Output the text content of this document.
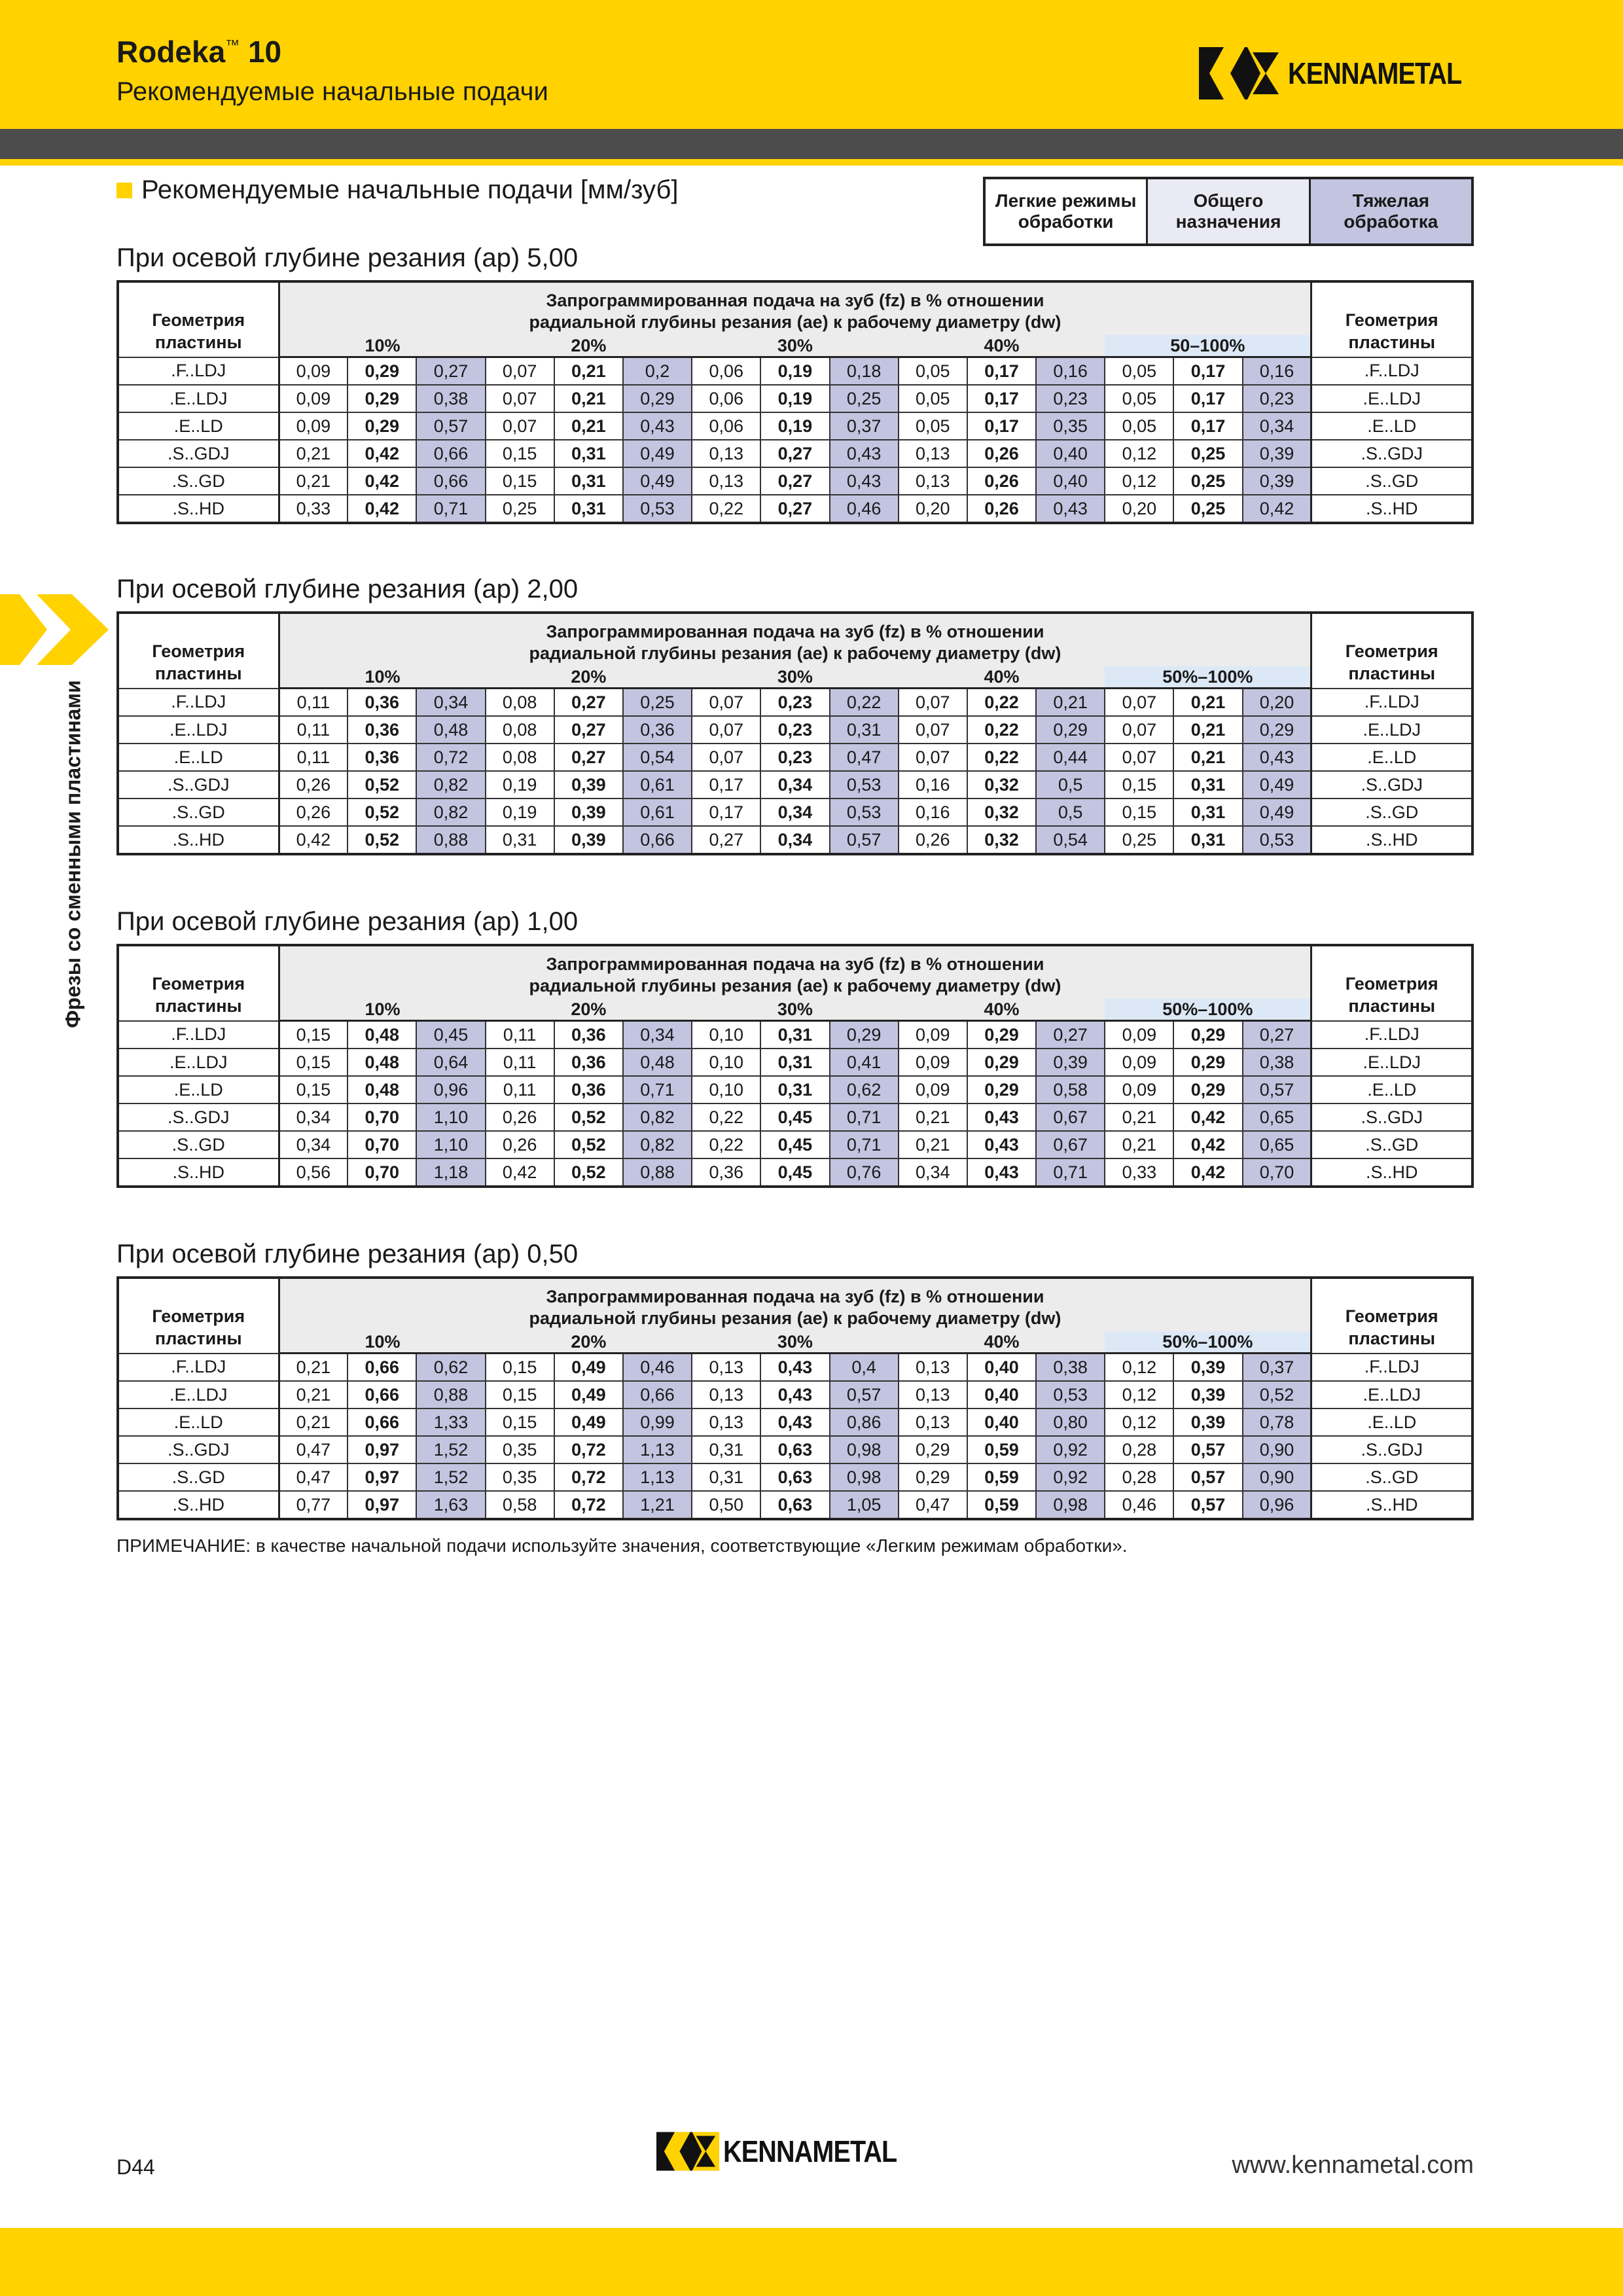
Rodeka™ 10
Рекомендуемые начальные подачи
KENNAMETAL
Фрезы со сменными пластинами
Рекомендуемые начальные подачи [мм/зуб]	Легкие режимы обработки
Общего назначения
Тяжелая обработка
При осевой глубине резания (ap) 5,00
Геометрия пластины	Запрограммированная подача на зуб (fz) в % отношении
радиальной глубины резания (ae) к рабочему диаметру (dw)															Геометрия пластины
	10%			20%			30%			40%			50–100%			
.F..LDJ	0,09	0,29	0,27	0,07	0,21	0,2	0,06	0,19	0,18	0,05	0,17	0,16	0,05	0,17	0,16	.F..LDJ
.E..LDJ	0,09	0,29	0,38	0,07	0,21	0,29	0,06	0,19	0,25	0,05	0,17	0,23	0,05	0,17	0,23	.E..LDJ
.E..LD	0,09	0,29	0,57	0,07	0,21	0,43	0,06	0,19	0,37	0,05	0,17	0,35	0,05	0,17	0,34	.E..LD
.S..GDJ	0,21	0,42	0,66	0,15	0,31	0,49	0,13	0,27	0,43	0,13	0,26	0,40	0,12	0,25	0,39	.S..GDJ
.S..GD	0,21	0,42	0,66	0,15	0,31	0,49	0,13	0,27	0,43	0,13	0,26	0,40	0,12	0,25	0,39	.S..GD
.S..HD	0,33	0,42	0,71	0,25	0,31	0,53	0,22	0,27	0,46	0,20	0,26	0,43	0,20	0,25	0,42	.S..HD
При осевой глубине резания (ap) 2,00
Геометрия пластины	Запрограммированная подача на зуб (fz) в % отношении
радиальной глубины резания (ae) к рабочему диаметру (dw)															Геометрия пластины
	10%			20%			30%			40%			50%–100%			
.F..LDJ	0,11	0,36	0,34	0,08	0,27	0,25	0,07	0,23	0,22	0,07	0,22	0,21	0,07	0,21	0,20	.F..LDJ
.E..LDJ	0,11	0,36	0,48	0,08	0,27	0,36	0,07	0,23	0,31	0,07	0,22	0,29	0,07	0,21	0,29	.E..LDJ
.E..LD	0,11	0,36	0,72	0,08	0,27	0,54	0,07	0,23	0,47	0,07	0,22	0,44	0,07	0,21	0,43	.E..LD
.S..GDJ	0,26	0,52	0,82	0,19	0,39	0,61	0,17	0,34	0,53	0,16	0,32	0,5	0,15	0,31	0,49	.S..GDJ
.S..GD	0,26	0,52	0,82	0,19	0,39	0,61	0,17	0,34	0,53	0,16	0,32	0,5	0,15	0,31	0,49	.S..GD
.S..HD	0,42	0,52	0,88	0,31	0,39	0,66	0,27	0,34	0,57	0,26	0,32	0,54	0,25	0,31	0,53	.S..HD
При осевой глубине резания (ap) 1,00
Геометрия пластины	Запрограммированная подача на зуб (fz) в % отношении
радиальной глубины резания (ae) к рабочему диаметру (dw)															Геометрия пластины
	10%			20%			30%			40%			50%–100%			
.F..LDJ	0,15	0,48	0,45	0,11	0,36	0,34	0,10	0,31	0,29	0,09	0,29	0,27	0,09	0,29	0,27	.F..LDJ
.E..LDJ	0,15	0,48	0,64	0,11	0,36	0,48	0,10	0,31	0,41	0,09	0,29	0,39	0,09	0,29	0,38	.E..LDJ
.E..LD	0,15	0,48	0,96	0,11	0,36	0,71	0,10	0,31	0,62	0,09	0,29	0,58	0,09	0,29	0,57	.E..LD
.S..GDJ	0,34	0,70	1,10	0,26	0,52	0,82	0,22	0,45	0,71	0,21	0,43	0,67	0,21	0,42	0,65	.S..GDJ
.S..GD	0,34	0,70	1,10	0,26	0,52	0,82	0,22	0,45	0,71	0,21	0,43	0,67	0,21	0,42	0,65	.S..GD
.S..HD	0,56	0,70	1,18	0,42	0,52	0,88	0,36	0,45	0,76	0,34	0,43	0,71	0,33	0,42	0,70	.S..HD
При осевой глубине резания (ap) 0,50
Геометрия пластины	Запрограммированная подача на зуб (fz) в % отношении
радиальной глубины резания (ae) к рабочему диаметру (dw)															Геометрия пластины
	10%			20%			30%			40%			50%–100%			
.F..LDJ	0,21	0,66	0,62	0,15	0,49	0,46	0,13	0,43	0,4	0,13	0,40	0,38	0,12	0,39	0,37	.F..LDJ
.E..LDJ	0,21	0,66	0,88	0,15	0,49	0,66	0,13	0,43	0,57	0,13	0,40	0,53	0,12	0,39	0,52	.E..LDJ
.E..LD	0,21	0,66	1,33	0,15	0,49	0,99	0,13	0,43	0,86	0,13	0,40	0,80	0,12	0,39	0,78	.E..LD
.S..GDJ	0,47	0,97	1,52	0,35	0,72	1,13	0,31	0,63	0,98	0,29	0,59	0,92	0,28	0,57	0,90	.S..GDJ
.S..GD	0,47	0,97	1,52	0,35	0,72	1,13	0,31	0,63	0,98	0,29	0,59	0,92	0,28	0,57	0,90	.S..GD
.S..HD	0,77	0,97	1,63	0,58	0,72	1,21	0,50	0,63	1,05	0,47	0,59	0,98	0,46	0,57	0,96	.S..HD
ПРИМЕЧАНИЕ: в качестве начальной подачи используйте значения, соответствующие «Легким режимам обработки».
D44	KENNAMETAL	www.kennametal.com
